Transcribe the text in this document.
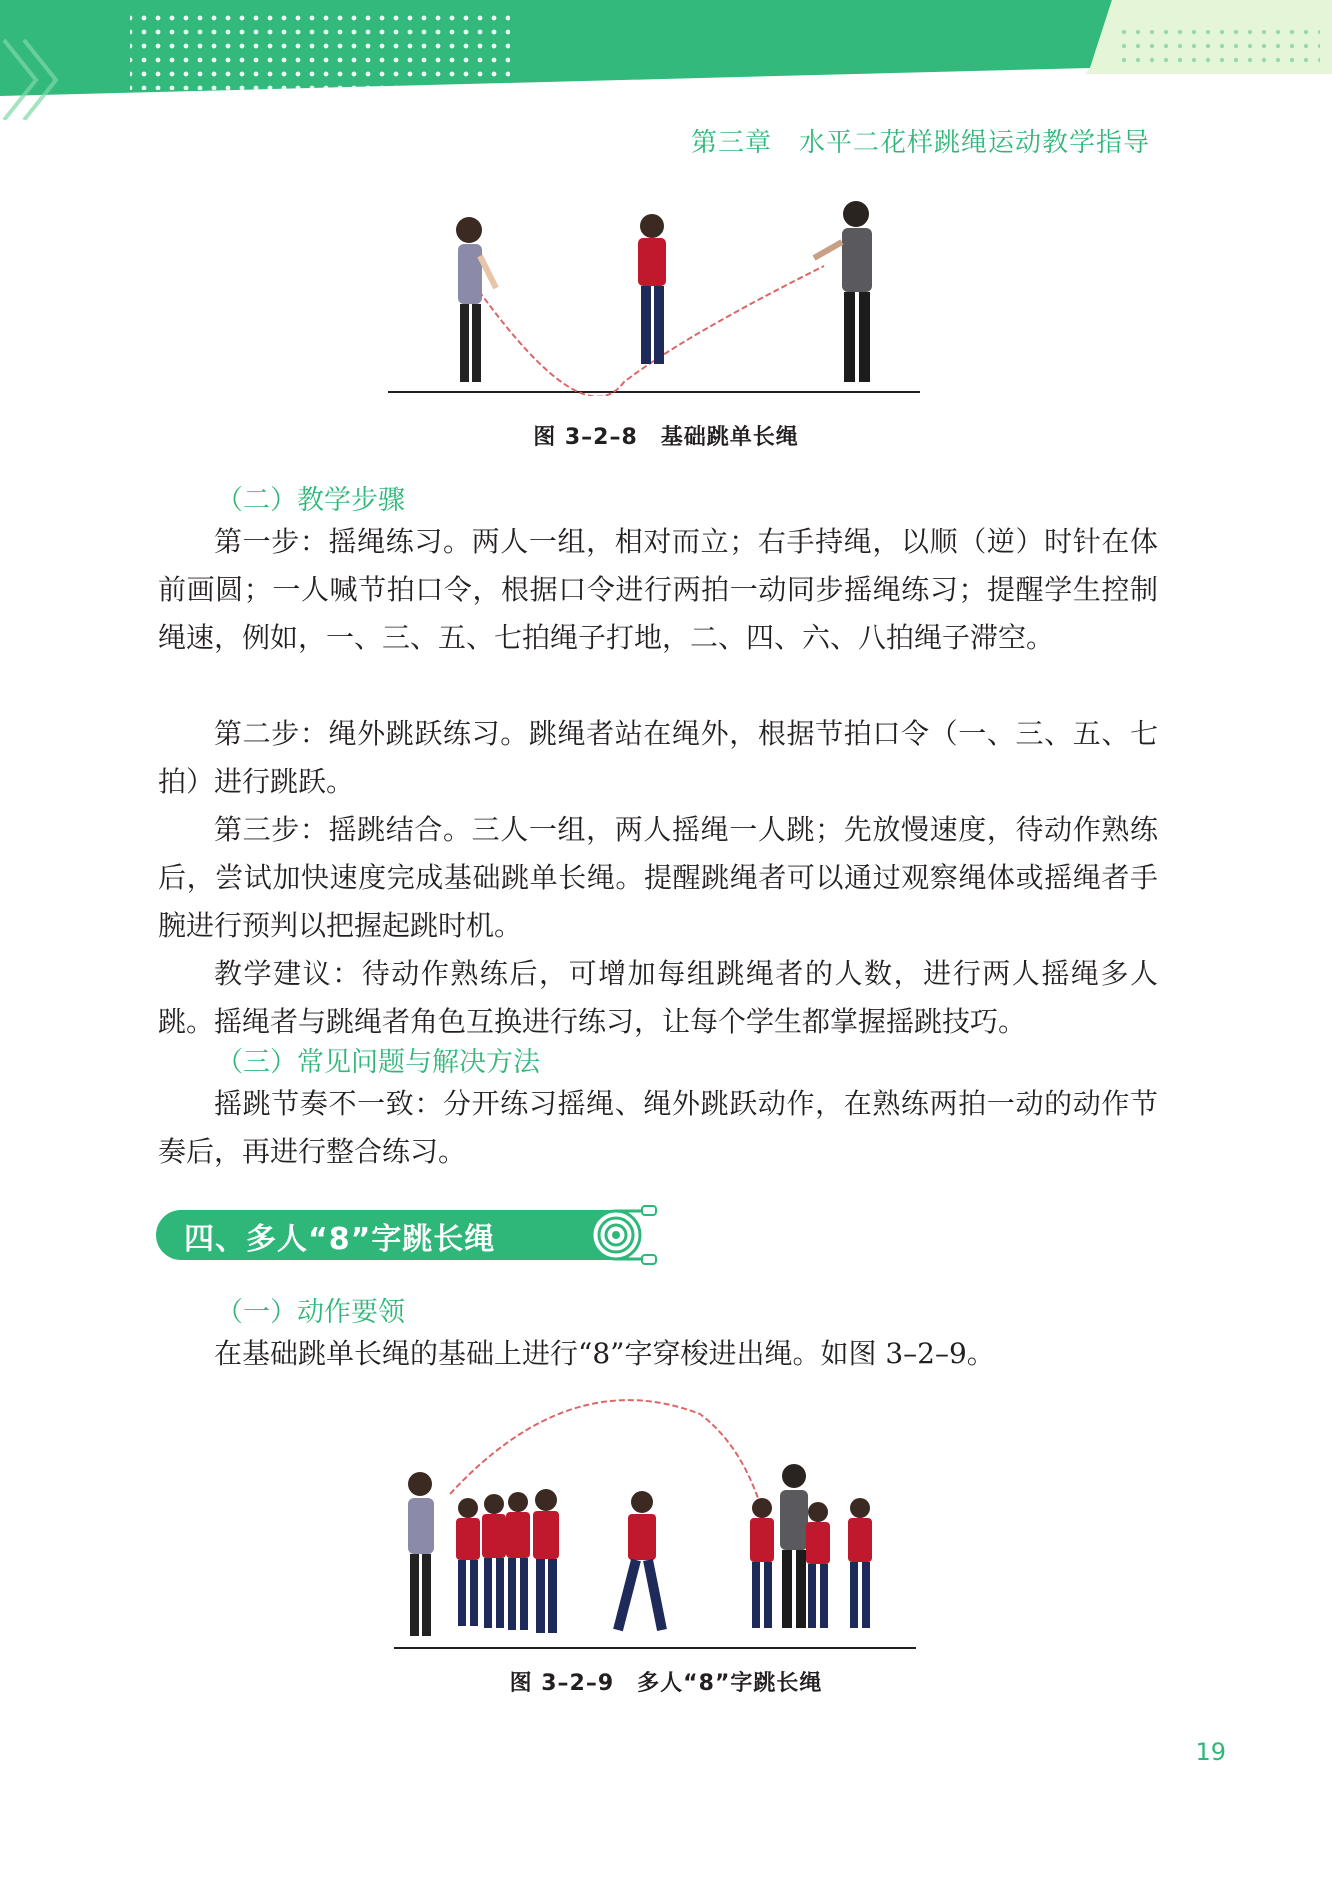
第三章　水平二花样跳绳运动教学指导
图 3–2–8　基础跳单长绳
（二）教学步骤

第一步：摇绳练习。两人一组，相对而立；右手持绳，以顺（逆）时针在体前画圆；一人喊节拍口令，根据口令进行两拍一动同步摇绳练习；提醒学生控制绳速，例如，一、三、五、七拍绳子打地，二、四、六、八拍绳子滞空。

第二步：绳外跳跃练习。跳绳者站在绳外，根据节拍口令（一、三、五、七拍）进行跳跃。

第三步：摇跳结合。三人一组，两人摇绳一人跳；先放慢速度，待动作熟练后，尝试加快速度完成基础跳单长绳。提醒跳绳者可以通过观察绳体或摇绳者手腕进行预判以把握起跳时机。

教学建议：待动作熟练后，可增加每组跳绳者的人数，进行两人摇绳多人跳。摇绳者与跳绳者角色互换进行练习，让每个学生都掌握摇跳技巧。

（三）常见问题与解决方法

摇跳节奏不一致：分开练习摇绳、绳外跳跃动作，在熟练两拍一动的动作节奏后，再进行整合练习。

四、多人“8”字跳长绳
（一）动作要领

在基础跳单长绳的基础上进行“8”字穿梭进出绳。如图 3–2–9。

图 3–2–9　多人“8”字跳长绳
19
